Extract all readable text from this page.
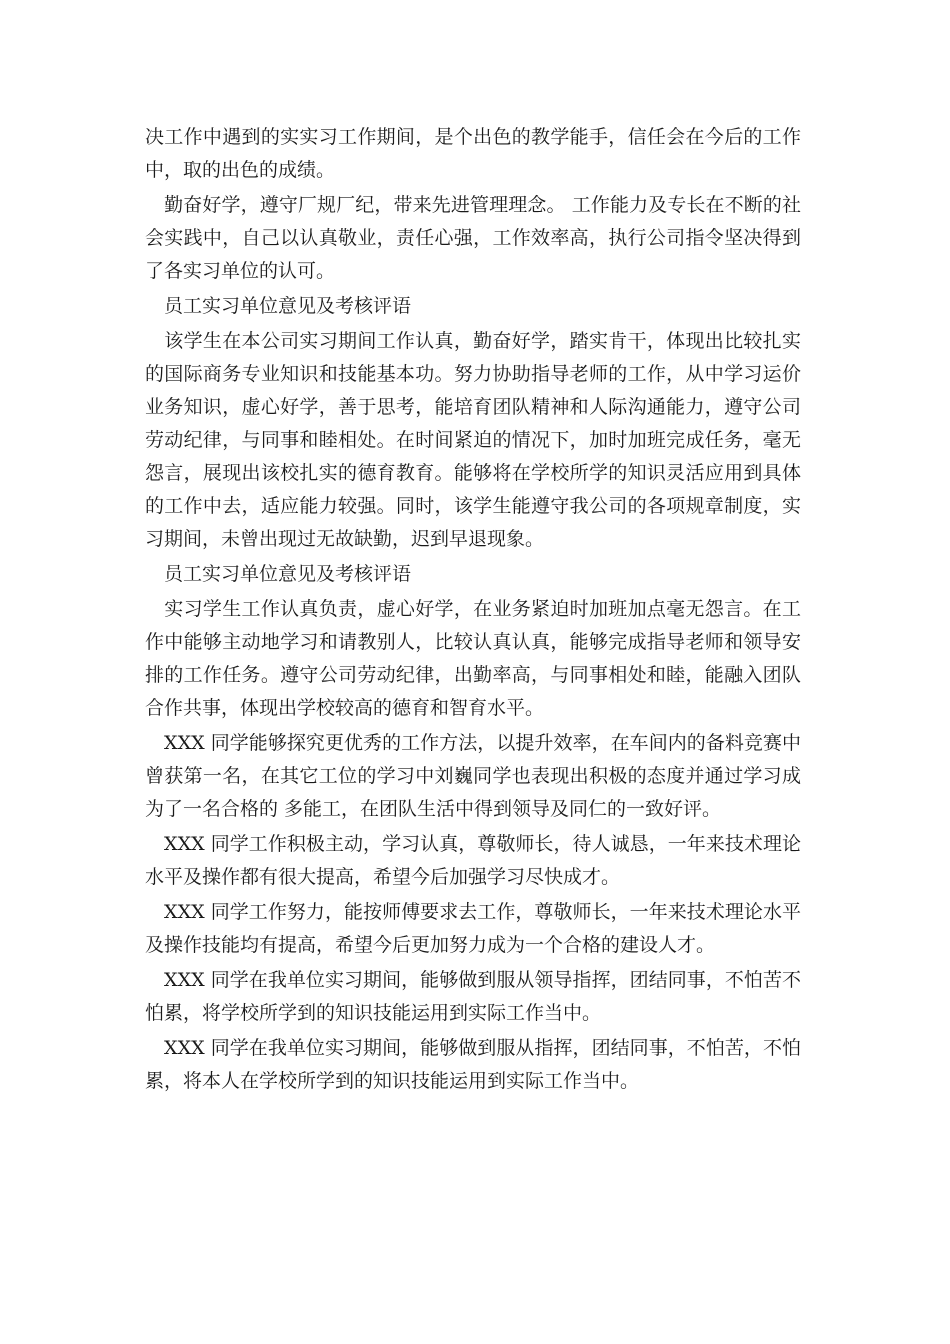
决工作中遇到的实实习工作期间，是个出色的教学能手，信任会在今后的工作中，取的出色的成绩。

　勤奋好学，遵守厂规厂纪，带来先进管理理念。 工作能力及专长在不断的社会实践中，自己以认真敬业，责任心强，工作效率高，执行公司指令坚决得到了各实习单位的认可。

员工实习单位意见及考核评语

　该学生在本公司实习期间工作认真，勤奋好学，踏实肯干，体现出比较扎实的国际商务专业知识和技能基本功。努力协助指导老师的工作，从中学习运价业务知识，虚心好学，善于思考，能培育团队精神和人际沟通能力，遵守公司劳动纪律，与同事和睦相处。在时间紧迫的情况下，加时加班完成任务，毫无怨言，展现出该校扎实的德育教育。能够将在学校所学的知识灵活应用到具体的工作中去，适应能力较强。同时，该学生能遵守我公司的各项规章制度，实习期间，未曾出现过无故缺勤，迟到早退现象。

员工实习单位意见及考核评语

　实习学生工作认真负责，虚心好学，在业务紧迫时加班加点毫无怨言。在工作中能够主动地学习和请教别人，比较认真认真，能够完成指导老师和领导安排的工作任务。遵守公司劳动纪律，出勤率高，与同事相处和睦，能融入团队合作共事，体现出学校较高的德育和智育水平。

　XXX 同学能够探究更优秀的工作方法，以提升效率，在车间内的备料竞赛中曾获第一名，在其它工位的学习中刘巍同学也表现出积极的态度并通过学习成为了一名合格的 多能工，在团队生活中得到领导及同仁的一致好评。

　XXX 同学工作积极主动，学习认真，尊敬师长，待人诚恳，一年来技术理论水平及操作都有很大提高，希望今后加强学习尽快成才。

　XXX 同学工作努力，能按师傅要求去工作，尊敬师长，一年来技术理论水平及操作技能均有提高，希望今后更加努力成为一个合格的建设人才。

　XXX 同学在我单位实习期间，能够做到服从领导指挥，团结同事，不怕苦不怕累，将学校所学到的知识技能运用到实际工作当中。

　XXX 同学在我单位实习期间，能够做到服从指挥，团结同事，不怕苦，不怕累，将本人在学校所学到的知识技能运用到实际工作当中。
